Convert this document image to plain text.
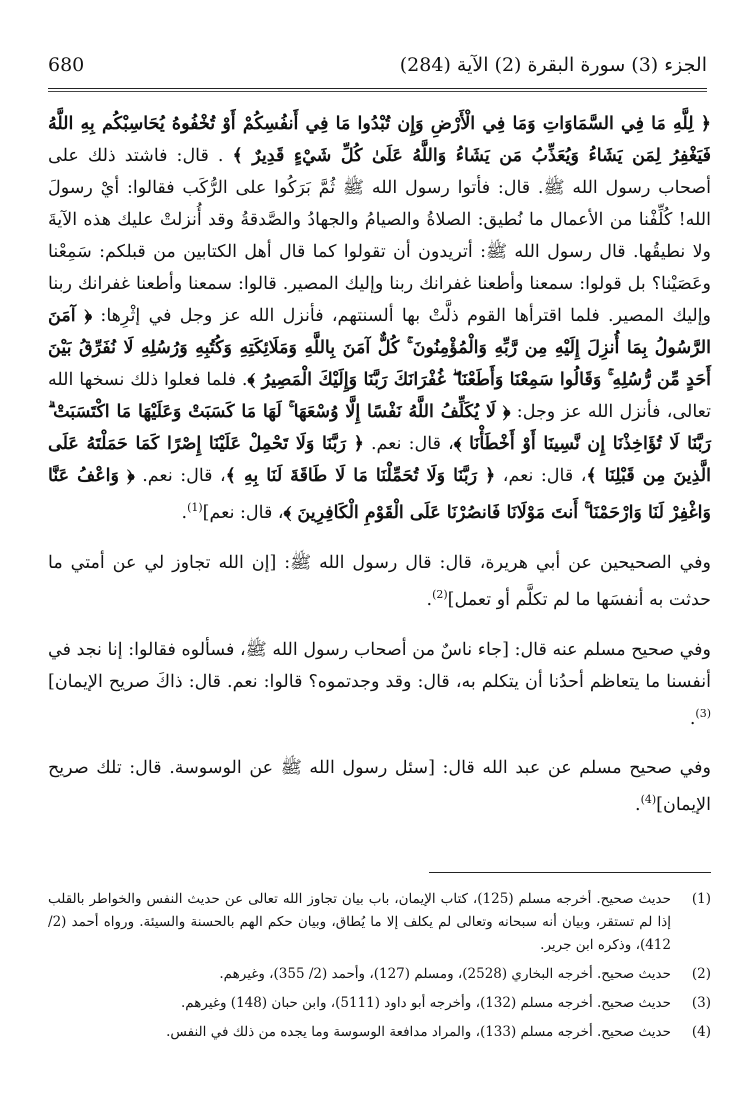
680	الجزء (3) سورة البقرة (2) الآية (284)

﴿ لِلَّهِ مَا فِي السَّمَاوَاتِ وَمَا فِي الْأَرْضِ وَإِن تُبْدُوا مَا فِي أَنفُسِكُمْ أَوْ تُخْفُوهُ يُحَاسِبْكُم بِهِ اللَّهُ فَيَغْفِرُ لِمَن يَشَاءُ وَيُعَذِّبُ مَن يَشَاءُ وَاللَّهُ عَلَىٰ كُلِّ شَيْءٍ قَدِيرٌ ﴾ . قال: فاشتد ذلك على أصحاب رسول الله ﷺ. قال: فأتوا رسول الله ﷺ ثُمَّ بَرَكُوا على الرُّكَب فقالوا: أيْ رسولَ الله! كُلِّفْنا من الأعمال ما نُطيق: الصلاةُ والصيامُ والجهادُ والصَّدقةُ وقد أُنزلتْ عليك هذه الآيةَ ولا نطيقُها. قال رسول الله ﷺ: أتريدون أن تقولوا كما قال أهل الكتابين من قبلكم: سَمِعْنا وعَصَيْنا؟ بل قولوا: سمعنا وأطعنا غفرانك ربنا وإليك المصير. قالوا: سمعنا وأطعنا غفرانك ربنا وإليك المصير. فلما اقترأها القوم ذلَّتْ بها ألسنتهم، فأنزل الله عز وجل في إثْرِها: ﴿ آمَنَ الرَّسُولُ بِمَا أُنزِلَ إِلَيْهِ مِن رَّبِّهِ وَالْمُؤْمِنُونَ ۚ كُلٌّ آمَنَ بِاللَّهِ وَمَلَائِكَتِهِ وَكُتُبِهِ وَرُسُلِهِ لَا نُفَرِّقُ بَيْنَ أَحَدٍ مِّن رُّسُلِهِ ۚ وَقَالُوا سَمِعْنَا وَأَطَعْنَا ۖ غُفْرَانَكَ رَبَّنَا وَإِلَيْكَ الْمَصِيرُ ﴾. فلما فعلوا ذلك نسخها الله تعالى، فأنزل الله عز وجل: ﴿ لَا يُكَلِّفُ اللَّهُ نَفْسًا إِلَّا وُسْعَهَا ۚ لَهَا مَا كَسَبَتْ وَعَلَيْهَا مَا اكْتَسَبَتْ ۗ رَبَّنَا لَا تُؤَاخِذْنَا إِن نَّسِينَا أَوْ أَخْطَأْنَا ﴾، قال: نعم. ﴿ رَبَّنَا وَلَا تَحْمِلْ عَلَيْنَا إِصْرًا كَمَا حَمَلْتَهُ عَلَى الَّذِينَ مِن قَبْلِنَا ﴾، قال: نعم، ﴿ رَبَّنَا وَلَا تُحَمِّلْنَا مَا لَا طَاقَةَ لَنَا بِهِ ﴾، قال: نعم. ﴿ وَاعْفُ عَنَّا وَاغْفِرْ لَنَا وَارْحَمْنَا ۚ أَنتَ مَوْلَانَا فَانصُرْنَا عَلَى الْقَوْمِ الْكَافِرِينَ ﴾، قال: نعم]$^{(1)}$.

وفي الصحيحين عن أبي هريرة، قال: قال رسول الله ﷺ: [إن الله تجاوز لي عن أمتي ما حدثت به أنفسَها ما لم تكلَّم أو تعمل]$^{(2)}$.

وفي صحيح مسلم عنه قال: [جاء ناسٌ من أصحاب رسول الله ﷺ، فسألوه فقالوا: إنا نجد في أنفسنا ما يتعاظم أحدُنا أن يتكلم به، قال: وقد وجدتموه؟ قالوا: نعم. قال: ذاكَ صريح الإيمان]$^{(3)}$.

وفي صحيح مسلم عن عبد الله قال: [سئل رسول الله ﷺ عن الوسوسة. قال: تلك صريح الإيمان]$^{(4)}$.

(1)
حديث صحيح. أخرجه مسلم (125)، كتاب الإيمان، باب بيان تجاوز الله تعالى عن حديث النفس والخواطر بالقلب إذا لم تستقر، وبيان أنه سبحانه وتعالى لم يكلف إلا ما يُطاق، وبيان حكم الهم بالحسنة والسيئة. ورواه أحمد (2/ 412)، وذكره ابن جرير.
(2)
حديث صحيح. أخرجه البخاري (2528)، ومسلم (127)، وأحمد (2/ 355)، وغيرهم.
(3)
حديث صحيح. أخرجه مسلم (132)، وأخرجه أبو داود (5111)، وابن حبان (148) وغيرهم.
(4)
حديث صحيح. أخرجه مسلم (133)، والمراد مدافعة الوسوسة وما يجده من ذلك في النفس.
